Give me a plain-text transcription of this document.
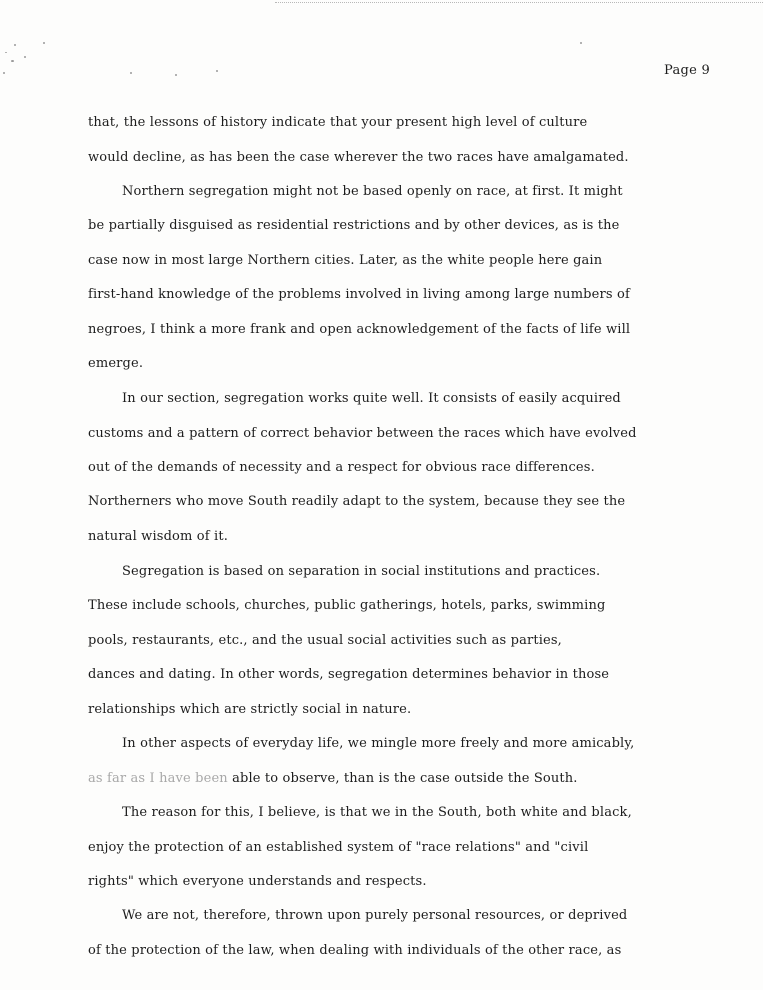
Page 9
that, the lessons of history indicate that your present high level of culture
would decline, as has been the case wherever the two races have amalgamated.
Northern segregation might not be based openly on race, at first. It might
be partially disguised as residential restrictions and by other devices, as is the
case now in most large Northern cities. Later, as the white people here gain
first-hand knowledge of the problems involved in living among large numbers of
negroes, I think a more frank and open acknowledgement of the facts of life will
emerge.
In our section, segregation works quite well. It consists of easily acquired
customs and a pattern of correct behavior between the races which have evolved
out of the demands of necessity and a respect for obvious race differences.
Northerners who move South readily adapt to the system, because they see the
natural wisdom of it.
Segregation is based on separation in social institutions and practices.
These include schools, churches, public gatherings, hotels, parks, swimming
pools, restaurants, etc., and the usual social activities such as parties,
dances and dating. In other words, segregation determines behavior in those
relationships which are strictly social in nature.
In other aspects of everyday life, we mingle more freely and more amicably,
as far as I have been able to observe, than is the case outside the South.
The reason for this, I believe, is that we in the South, both white and black,
enjoy the protection of an established system of "race relations" and "civil
rights" which everyone understands and respects.
We are not, therefore, thrown upon purely personal resources, or deprived
of the protection of the law, when dealing with individuals of the other race, as
